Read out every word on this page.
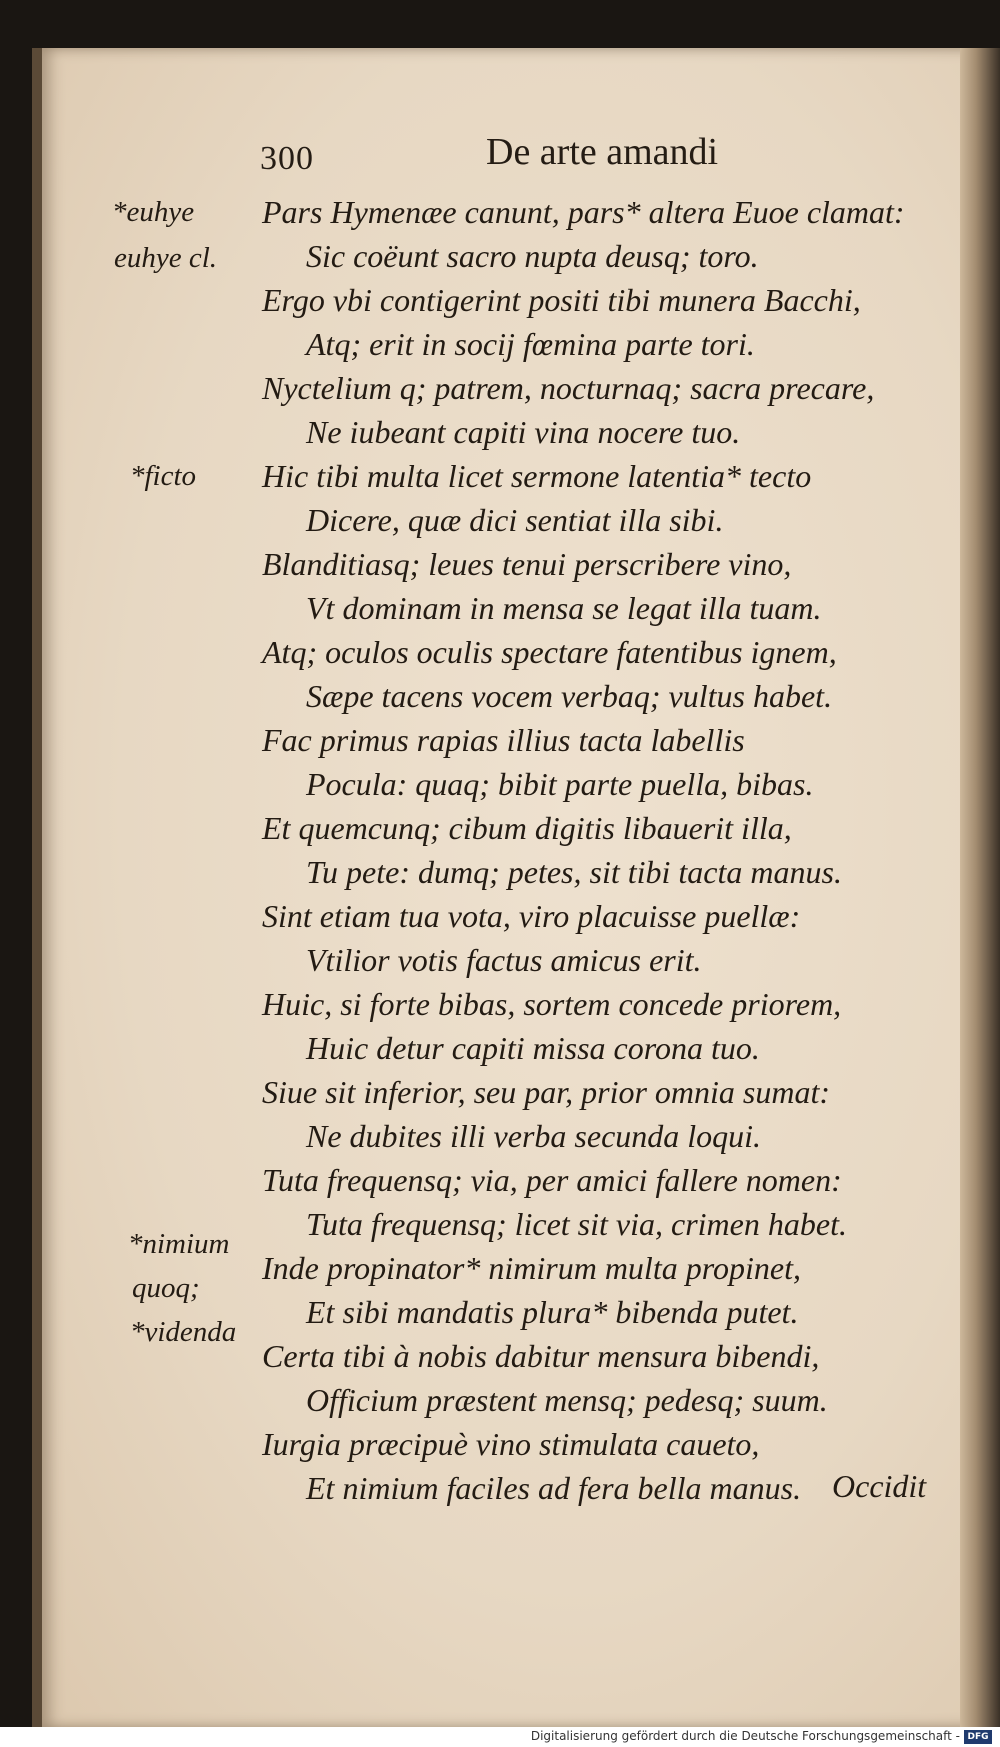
300	De arte amandi
Pars Hymenæe canunt, pars* altera Euoe clamat:
Sic coëunt sacro nupta deusq; toro.
Ergo vbi contigerint positi tibi munera Bacchi,
Atq; erit in socij fœmina parte tori.
Nyctelium q; patrem, nocturnaq; sacra precare,
Ne iubeant capiti vina nocere tuo.
Hic tibi multa licet sermone latentia* tecto
Dicere, quæ dici sentiat illa sibi.
Blanditiasq; leues tenui perscribere vino,
Vt dominam in mensa se legat illa tuam.
Atq; oculos oculis spectare fatentibus ignem,
Sæpe tacens vocem verbaq; vultus habet.
Fac primus rapias illius tacta labellis
Pocula: quaq; bibit parte puella, bibas.
Et quemcunq; cibum digitis libauerit illa,
Tu pete: dumq; petes, sit tibi tacta manus.
Sint etiam tua vota, viro placuisse puellæ:
Vtilior votis factus amicus erit.
Huic, si forte bibas, sortem concede priorem,
Huic detur capiti missa corona tuo.
Siue sit inferior, seu par, prior omnia sumat:
Ne dubites illi verba secunda loqui.
Tuta frequensq; via, per amici fallere nomen:
Tuta frequensq; licet sit via, crimen habet.
Inde propinator* nimirum multa propinet,
Et sibi mandatis plura* bibenda putet.
Certa tibi à nobis dabitur mensura bibendi,
Officium præstent mensq; pedesq; suum.
Iurgia præcipuè vino stimulata caueto,
Et nimium faciles ad fera bella manus.
*euhye
euhye cl.
*ficto
*nimium
quoq;
*videnda
Occidit
Digitalisierung gefördert durch die Deutsche Forschungsgemeinschaft - DFG
